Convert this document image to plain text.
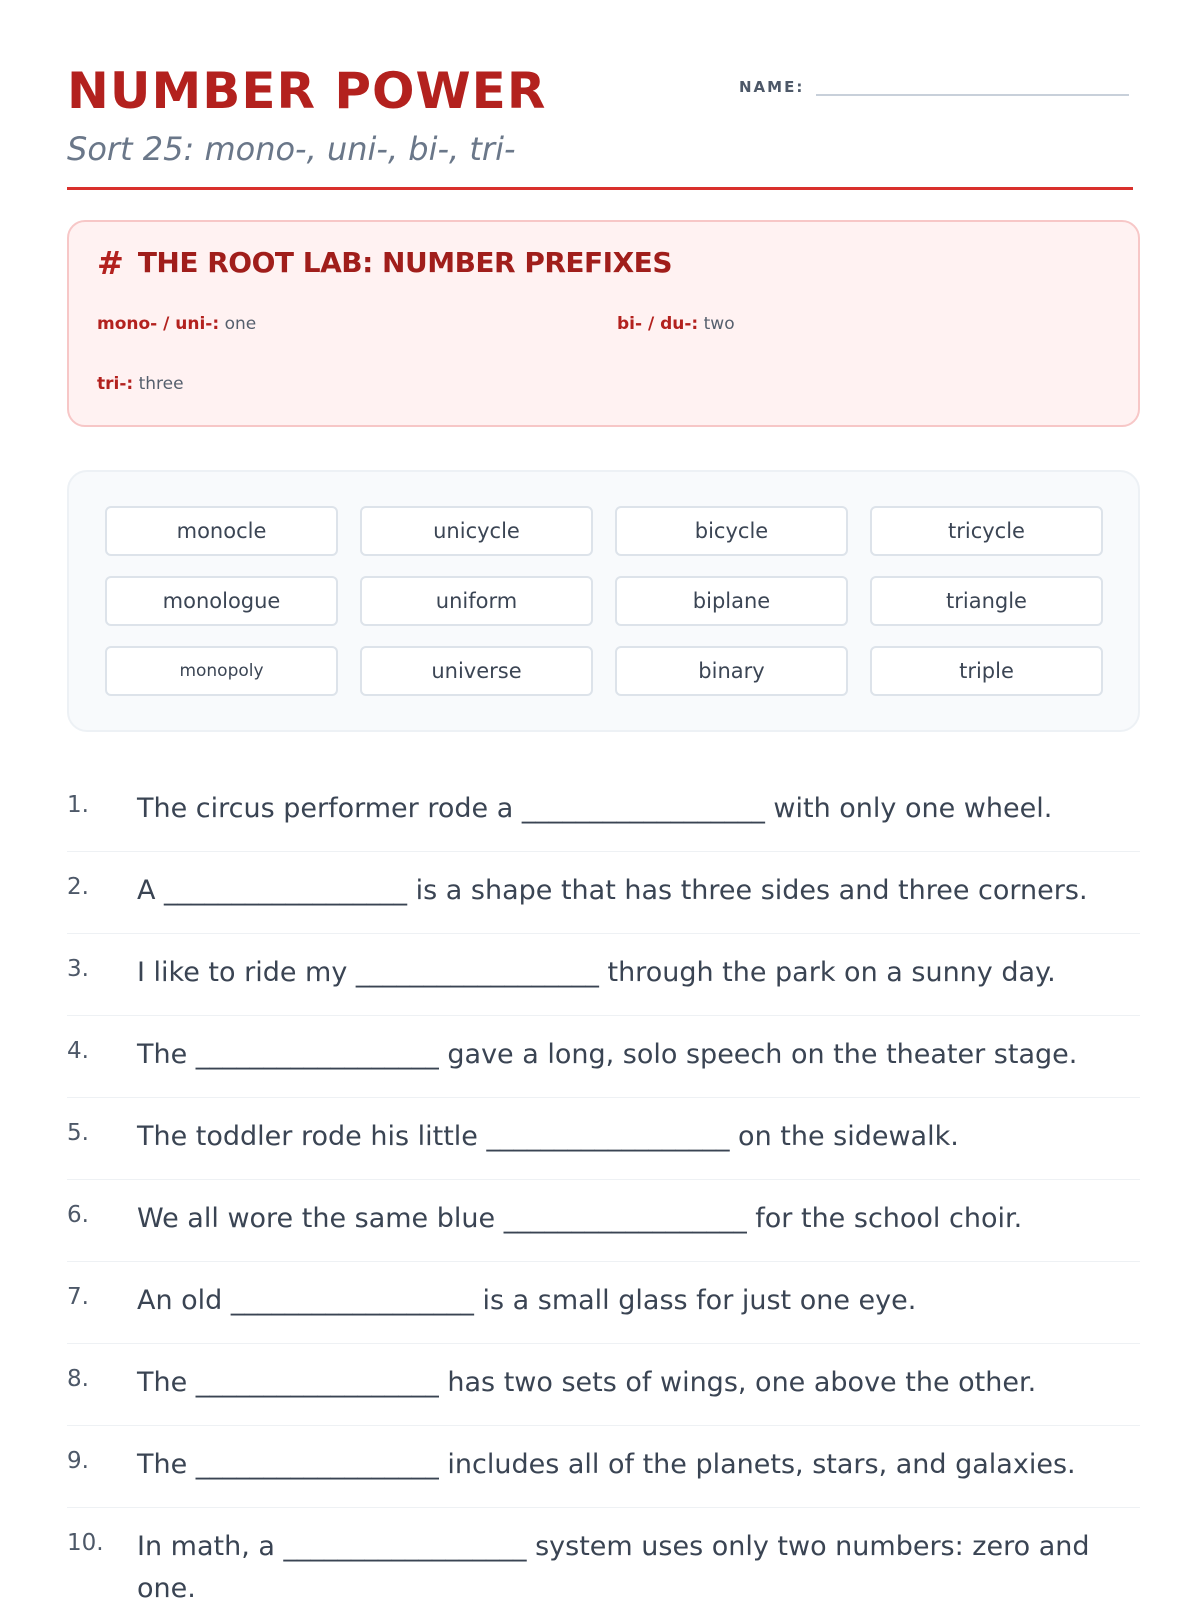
NUMBER POWER
Sort 25: mono-, uni-, bi-, tri-
NAME:
# THE ROOT LAB: NUMBER PREFIXES
mono- / uni-: one	bi- / du-: two
tri-: three
monocle	unicycle	bicycle	tricycle
monologue	uniform	biplane	triangle
monopoly	universe	binary	triple
1. The circus performer rode a __________________ with only one wheel.
2. A __________________ is a shape that has three sides and three corners.
3. I like to ride my __________________ through the park on a sunny day.
4. The __________________ gave a long, solo speech on the theater stage.
5. The toddler rode his little __________________ on the sidewalk.
6. We all wore the same blue __________________ for the school choir.
7. An old __________________ is a small glass for just one eye.
8. The __________________ has two sets of wings, one above the other.
9. The __________________ includes all of the planets, stars, and galaxies.
10. In math, a __________________ system uses only two numbers: zero and one.
